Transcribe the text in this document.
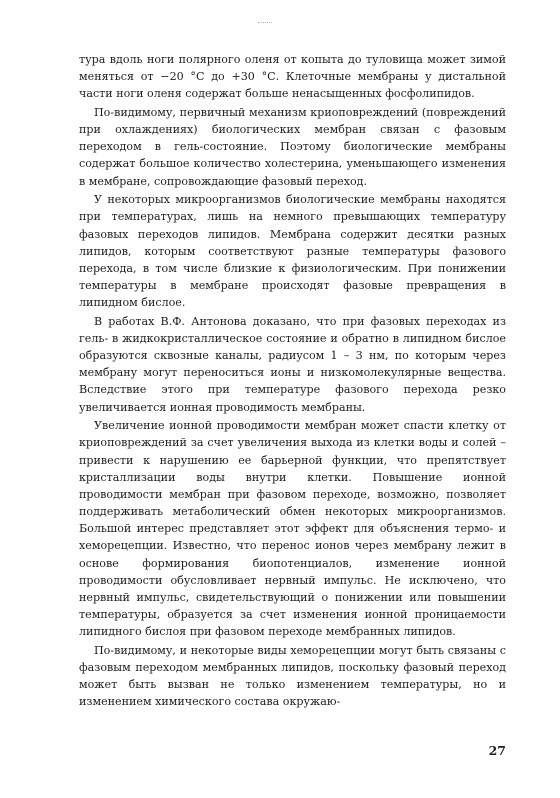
тура вдоль ноги полярного оленя от копыта до туловища может зимой меняться от −20 °С до +30 °С. Клеточные мембраны у дистальной части ноги оленя содержат больше ненасыщенных фосфолипидов.

По-видимому, первичный механизм криоповреждений (повреждений при охлаждениях) биологических мембран связан с фазовым переходом в гель-состояние. Поэтому биологические мембраны содержат большое количество холестерина, уменьшающего изменения в мембране, сопровождающие фазовый переход.

У некоторых микроорганизмов биологические мембраны находятся при температурах, лишь на немного превышающих температуру фазовых переходов липидов. Мембрана содержит десятки разных липидов, которым соответствуют разные температуры фазового перехода, в том числе близкие к физиологическим. При понижении температуры в мембране происходят фазовые превращения в липидном бислое.

В работах В.Ф. Антонова доказано, что при фазовых переходах из гель- в жидкокристаллическое состояние и обратно в липидном бислое образуются сквозные каналы, радиусом 1 – 3 нм, по которым через мембрану могут переноситься ионы и низкомолекулярные вещества. Вследствие этого при температуре фазового перехода резко увеличивается ионная проводимость мембраны.

Увеличение ионной проводимости мембран может спасти клетку от криоповреждений за счет увеличения выхода из клетки воды и солей – привести к нарушению ее барьерной функции, что препятствует кристаллизации воды внутри клетки. Повышение ионной проводимости мембран при фазовом переходе, возможно, позволяет поддерживать метаболический обмен некоторых микроорганизмов. Большой интерес представляет этот эффект для объяснения термо- и хеморецепции. Известно, что перенос ионов через мембрану лежит в основе формирования биопотенциалов, изменение ионной проводимости обусловливает нервный импульс. Не исключено, что нервный импульс, свидетельствующий о понижении или повышении температуры, образуется за счет изменения ионной проницаемости липидного бислоя при фазовом переходе мембранных липидов.

По-видимому, и некоторые виды хеморецепции могут быть связаны с фазовым переходом мембранных липидов, поскольку фазовый переход может быть вызван не только изменением температуры, но и изменением химического состава окружаю-

27
